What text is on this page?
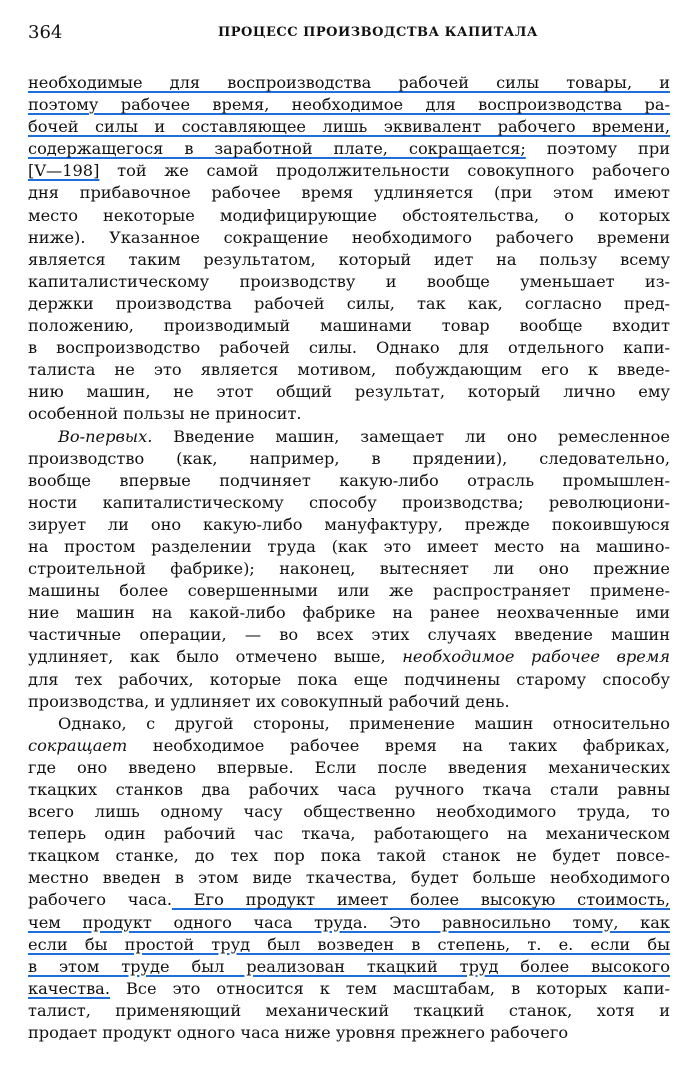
364	ПРОЦЕСС ПРОИЗВОДСТВА КАПИТАЛА
необходимые для воспроизводства рабочей силы товары, и
поэтому рабочее время, необходимое для воспроизводства ра-
бочей силы и составляющее лишь эквивалент рабочего времени,
содержащегося в заработной плате, сокращается; поэтому при
[V—198] той же самой продолжительности совокупного рабочего
дня прибавочное рабочее время удлиняется (при этом имеют
место некоторые модифицирующие обстоятельства, о которых
ниже). Указанное сокращение необходимого рабочего времени
является таким результатом, который идет на пользу всему
капиталистическому производству и вообще уменьшает из-
держки производства рабочей силы, так как, согласно пред-
положению, производимый машинами товар вообще входит
в воспроизводство рабочей силы. Однако для отдельного капи-
талиста не это является мотивом, побуждающим его к введе-
нию машин, не этот общий результат, который лично ему
особенной пользы не приносит.
Во-первых. Введение машин, замещает ли оно ремесленное
производство (как, например, в прядении), следовательно,
вообще впервые подчиняет какую-либо отрасль промышлен-
ности капиталистическому способу производства; революциони-
зирует ли оно какую-либо мануфактуру, прежде покоившуюся
на простом разделении труда (как это имеет место на машино-
строительной фабрике); наконец, вытесняет ли оно прежние
машины более совершенными или же распространяет примене-
ние машин на какой-либо фабрике на ранее неохваченные ими
частичные операции, — во всех этих случаях введение машин
удлиняет, как было отмечено выше, необходимое рабочее время
для тех рабочих, которые пока еще подчинены старому способу
производства, и удлиняет их совокупный рабочий день.
Однако, с другой стороны, применение машин относительно
сокращает необходимое рабочее время на таких фабриках,
где оно введено впервые. Если после введения механических
ткацких станков два рабочих часа ручного ткача стали равны
всего лишь одному часу общественно необходимого труда, то
теперь один рабочий час ткача, работающего на механическом
ткацком станке, до тех пор пока такой станок не будет повсе-
местно введен в этом виде ткачества, будет больше необходимого
рабочего часа. Его продукт имеет более высокую стоимость,
чем продукт одного часа труда. Это равносильно тому, как
если бы простой труд был возведен в степень, т. е. если бы
в этом труде был реализован ткацкий труд более высокого
качества. Все это относится к тем масштабам, в которых капи-
талист, применяющий механический ткацкий станок, хотя и
продает продукт одного часа ниже уровня прежнего рабочего
